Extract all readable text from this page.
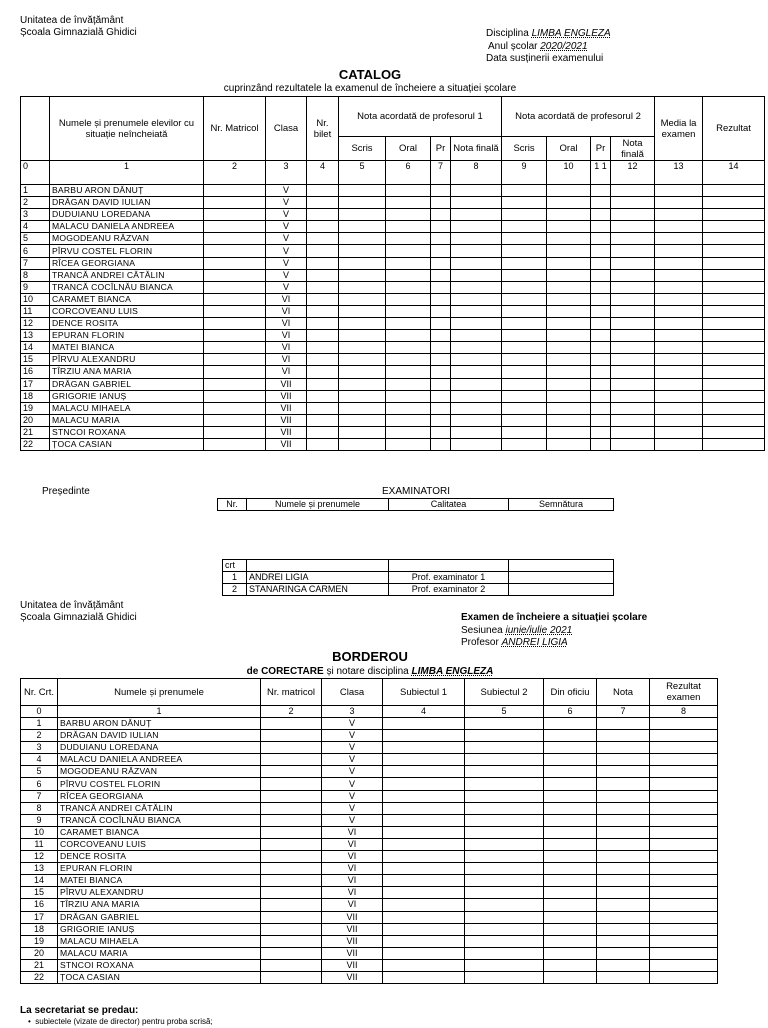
Unitatea de învățământ
Școala Gimnazială Ghidici	Disciplina LIMBA ENGLEZA
Anul școlar 2020/2021
Data susținerii examenului
CATALOG
cuprinzând rezultatele la examenul de încheiere a situației școlare
	Numele și prenumele elevilor cu situație neîncheiată	Nr. Matricol	Clasa	Nr. bilet	Nota acordată de profesorul 1				Nota acordată de profesorul 2				Media la examen	Rezultat
					Scris	Oral	Pr	Nota finală	Scris	Oral	Pr	Nota finală		
0	1	2	3	4	5	6	7	8	9	10	1 1	12	13	14
1	BARBU ARON DĂNUȚ		V											
2	DRĂGAN DAVID IULIAN		V											
3	DUDUIANU LOREDANA		V											
4	MALACU DANIELA ANDREEA		V											
5	MOGODEANU RĂZVAN		V											
6	PÎRVU COSTEL FLORIN		V											
7	RÎCEA GEORGIANA		V											
8	TRANCĂ ANDREI CĂTĂLIN		V											
9	TRANCĂ COCÎLNĂU BIANCA		V											
10	CARAMET BIANCA		VI											
11	CORCOVEANU LUIS		VI											
12	DENCE ROSITA		VI											
13	EPURAN FLORIN		VI											
14	MATEI BIANCA		VI											
15	PÎRVU ALEXANDRU		VI											
16	TÎRZIU ANA MARIA		VI											
17	DRĂGAN GABRIEL		VII											
18	GRIGORIE IANUȘ		VII											
19	MALACU MIHAELA		VII											
20	MALACU MARIA		VII											
21	STNCOI ROXANA		VII											
22	ȚOCA CASIAN		VII											
Președinte	EXAMINATORI
Nr.	Numele și prenumele	Calitatea	Semnătura
crt			
1	ANDREI LIGIA	Prof. examinator 1	
2	STANARINGA CARMEN	Prof. examinator 2	
Unitatea de învățământ
Școala Gimnazială Ghidici	Examen de încheiere a situației școlare
Sesiunea iunie/iulie 2021
Profesor ANDREI LIGIA
BORDEROU
de CORECTARE și notare disciplina LIMBA ENGLEZA
Nr. Crt.	Numele și prenumele	Nr. matricol	Clasa	Subiectul 1	Subiectul 2	Din oficiu	Nota	Rezultat examen
0	1	2	3	4	5	6	7	8
1	BARBU ARON DĂNUȚ		V					
2	DRĂGAN DAVID IULIAN		V					
3	DUDUIANU LOREDANA		V					
4	MALACU DANIELA ANDREEA		V					
5	MOGODEANU RĂZVAN		V					
6	PÎRVU COSTEL FLORIN		V					
7	RÎCEA GEORGIANA		V					
8	TRANCĂ ANDREI CĂTĂLIN		V					
9	TRANCĂ COCÎLNĂU BIANCA		V					
10	CARAMET BIANCA		VI					
11	CORCOVEANU LUIS		VI					
12	DENCE ROSITA		VI					
13	EPURAN FLORIN		VI					
14	MATEI BIANCA		VI					
15	PÎRVU ALEXANDRU		VI					
16	TÎRZIU ANA MARIA		VI					
17	DRĂGAN GABRIEL		VII					
18	GRIGORIE IANUȘ		VII					
19	MALACU MIHAELA		VII					
20	MALACU MARIA		VII					
21	STNCOI ROXANA		VII					
22	ȚOCA CASIAN		VII					
La secretariat se predau:
•  subiectele (vizate de director) pentru proba scrisă;
